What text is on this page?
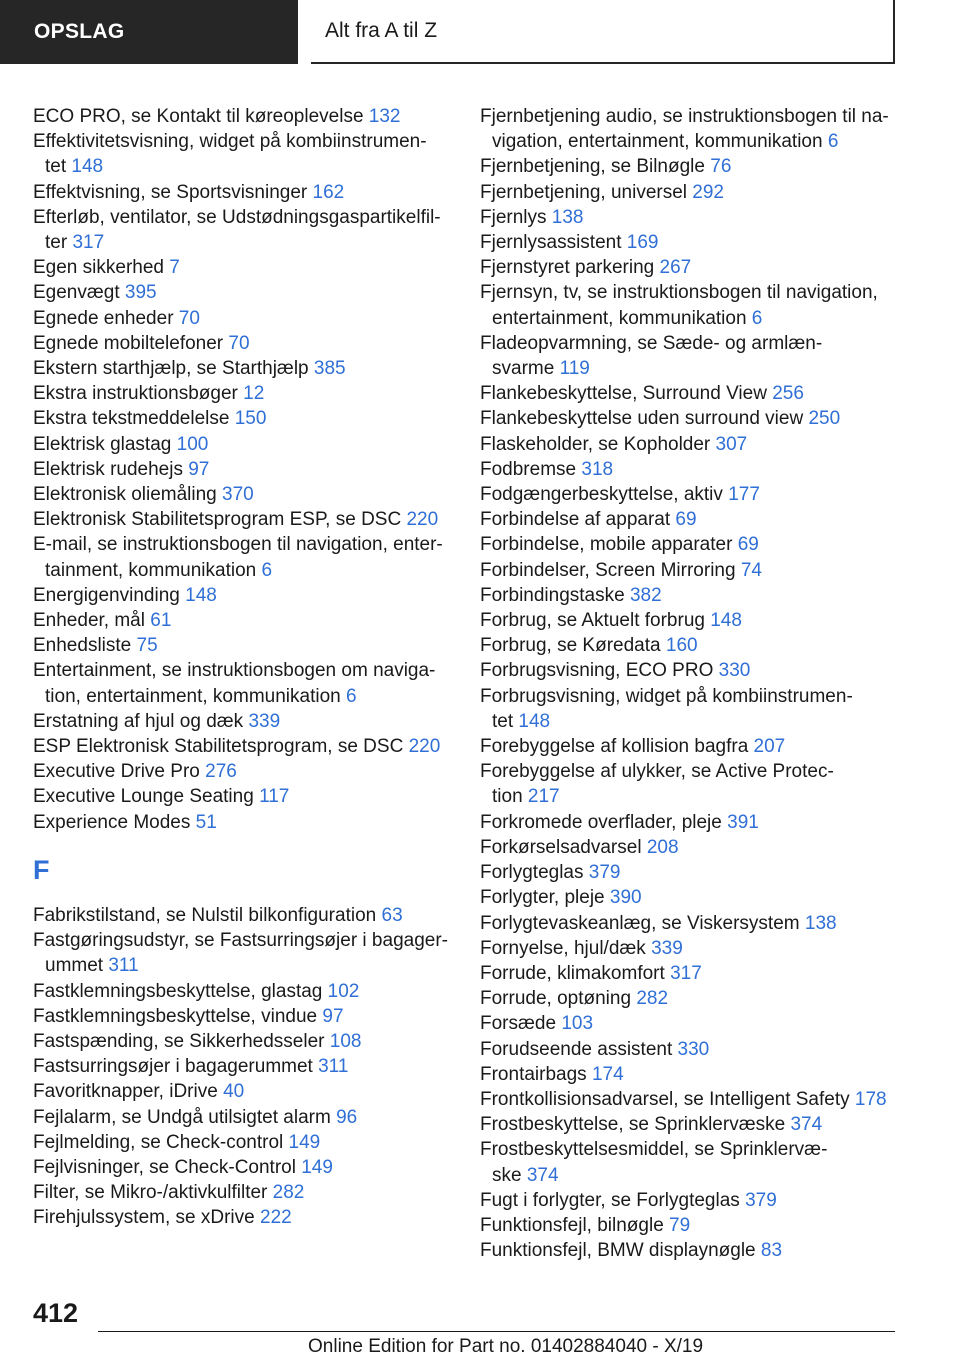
OPSLAG	Alt fra A til Z
ECO PRO, se Kontakt til køreoplevelse 132
Effektivitetsvisning, widget på kombiinstrumen-
tet 148
Effektvisning, se Sportsvisninger 162
Efterløb, ventilator, se Udstødningsgaspartikelfil-
ter 317
Egen sikkerhed 7
Egenvægt 395
Egnede enheder 70
Egnede mobiltelefoner 70
Ekstern starthjælp, se Starthjælp 385
Ekstra instruktionsbøger 12
Ekstra tekstmeddelelse 150
Elektrisk glastag 100
Elektrisk rudehejs 97
Elektronisk oliemåling 370
Elektronisk Stabilitetsprogram ESP, se DSC 220
E-mail, se instruktionsbogen til navigation, enter-
tainment, kommunikation 6
Energigenvinding 148
Enheder, mål 61
Enhedsliste 75
Entertainment, se instruktionsbogen om naviga-
tion, entertainment, kommunikation 6
Erstatning af hjul og dæk 339
ESP Elektronisk Stabilitetsprogram, se DSC 220
Executive Drive Pro 276
Executive Lounge Seating 117
Experience Modes 51
F
Fabrikstilstand, se Nulstil bilkonfiguration 63
Fastgøringsudstyr, se Fastsurringsøjer i bagager-
ummet 311
Fastklemningsbeskyttelse, glastag 102
Fastklemningsbeskyttelse, vindue 97
Fastspænding, se Sikkerhedsseler 108
Fastsurringsøjer i bagagerummet 311
Favoritknapper, iDrive 40
Fejlalarm, se Undgå utilsigtet alarm 96
Fejlmelding, se Check-control 149
Fejlvisninger, se Check-Control 149
Filter, se Mikro-/aktivkulfilter 282
Firehjulssystem, se xDrive 222
Fjernbetjening audio, se instruktionsbogen til na-
vigation, entertainment, kommunikation 6
Fjernbetjening, se Bilnøgle 76
Fjernbetjening, universel 292
Fjernlys 138
Fjernlysassistent 169
Fjernstyret parkering 267
Fjernsyn, tv, se instruktionsbogen til navigation,
entertainment, kommunikation 6
Fladeopvarmning, se Sæde- og armlæn-
svarme 119
Flankebeskyttelse, Surround View 256
Flankebeskyttelse uden surround view 250
Flaskeholder, se Kopholder 307
Fodbremse 318
Fodgængerbeskyttelse, aktiv 177
Forbindelse af apparat 69
Forbindelse, mobile apparater 69
Forbindelser, Screen Mirroring 74
Forbindingstaske 382
Forbrug, se Aktuelt forbrug 148
Forbrug, se Køredata 160
Forbrugsvisning, ECO PRO 330
Forbrugsvisning, widget på kombiinstrumen-
tet 148
Forebyggelse af kollision bagfra 207
Forebyggelse af ulykker, se Active Protec-
tion 217
Forkromede overflader, pleje 391
Forkørselsadvarsel 208
Forlygteglas 379
Forlygter, pleje 390
Forlygtevaskeanlæg, se Viskersystem 138
Fornyelse, hjul/dæk 339
Forrude, klimakomfort 317
Forrude, optøning 282
Forsæde 103
Forudseende assistent 330
Frontairbags 174
Frontkollisionsadvarsel, se Intelligent Safety 178
Frostbeskyttelse, se Sprinklervæske 374
Frostbeskyttelsesmiddel, se Sprinklervæ-
ske 374
Fugt i forlygter, se Forlygteglas 379
Funktionsfejl, bilnøgle 79
Funktionsfejl, BMW displaynøgle 83
412
Online Edition for Part no. 01402884040 - X/19
